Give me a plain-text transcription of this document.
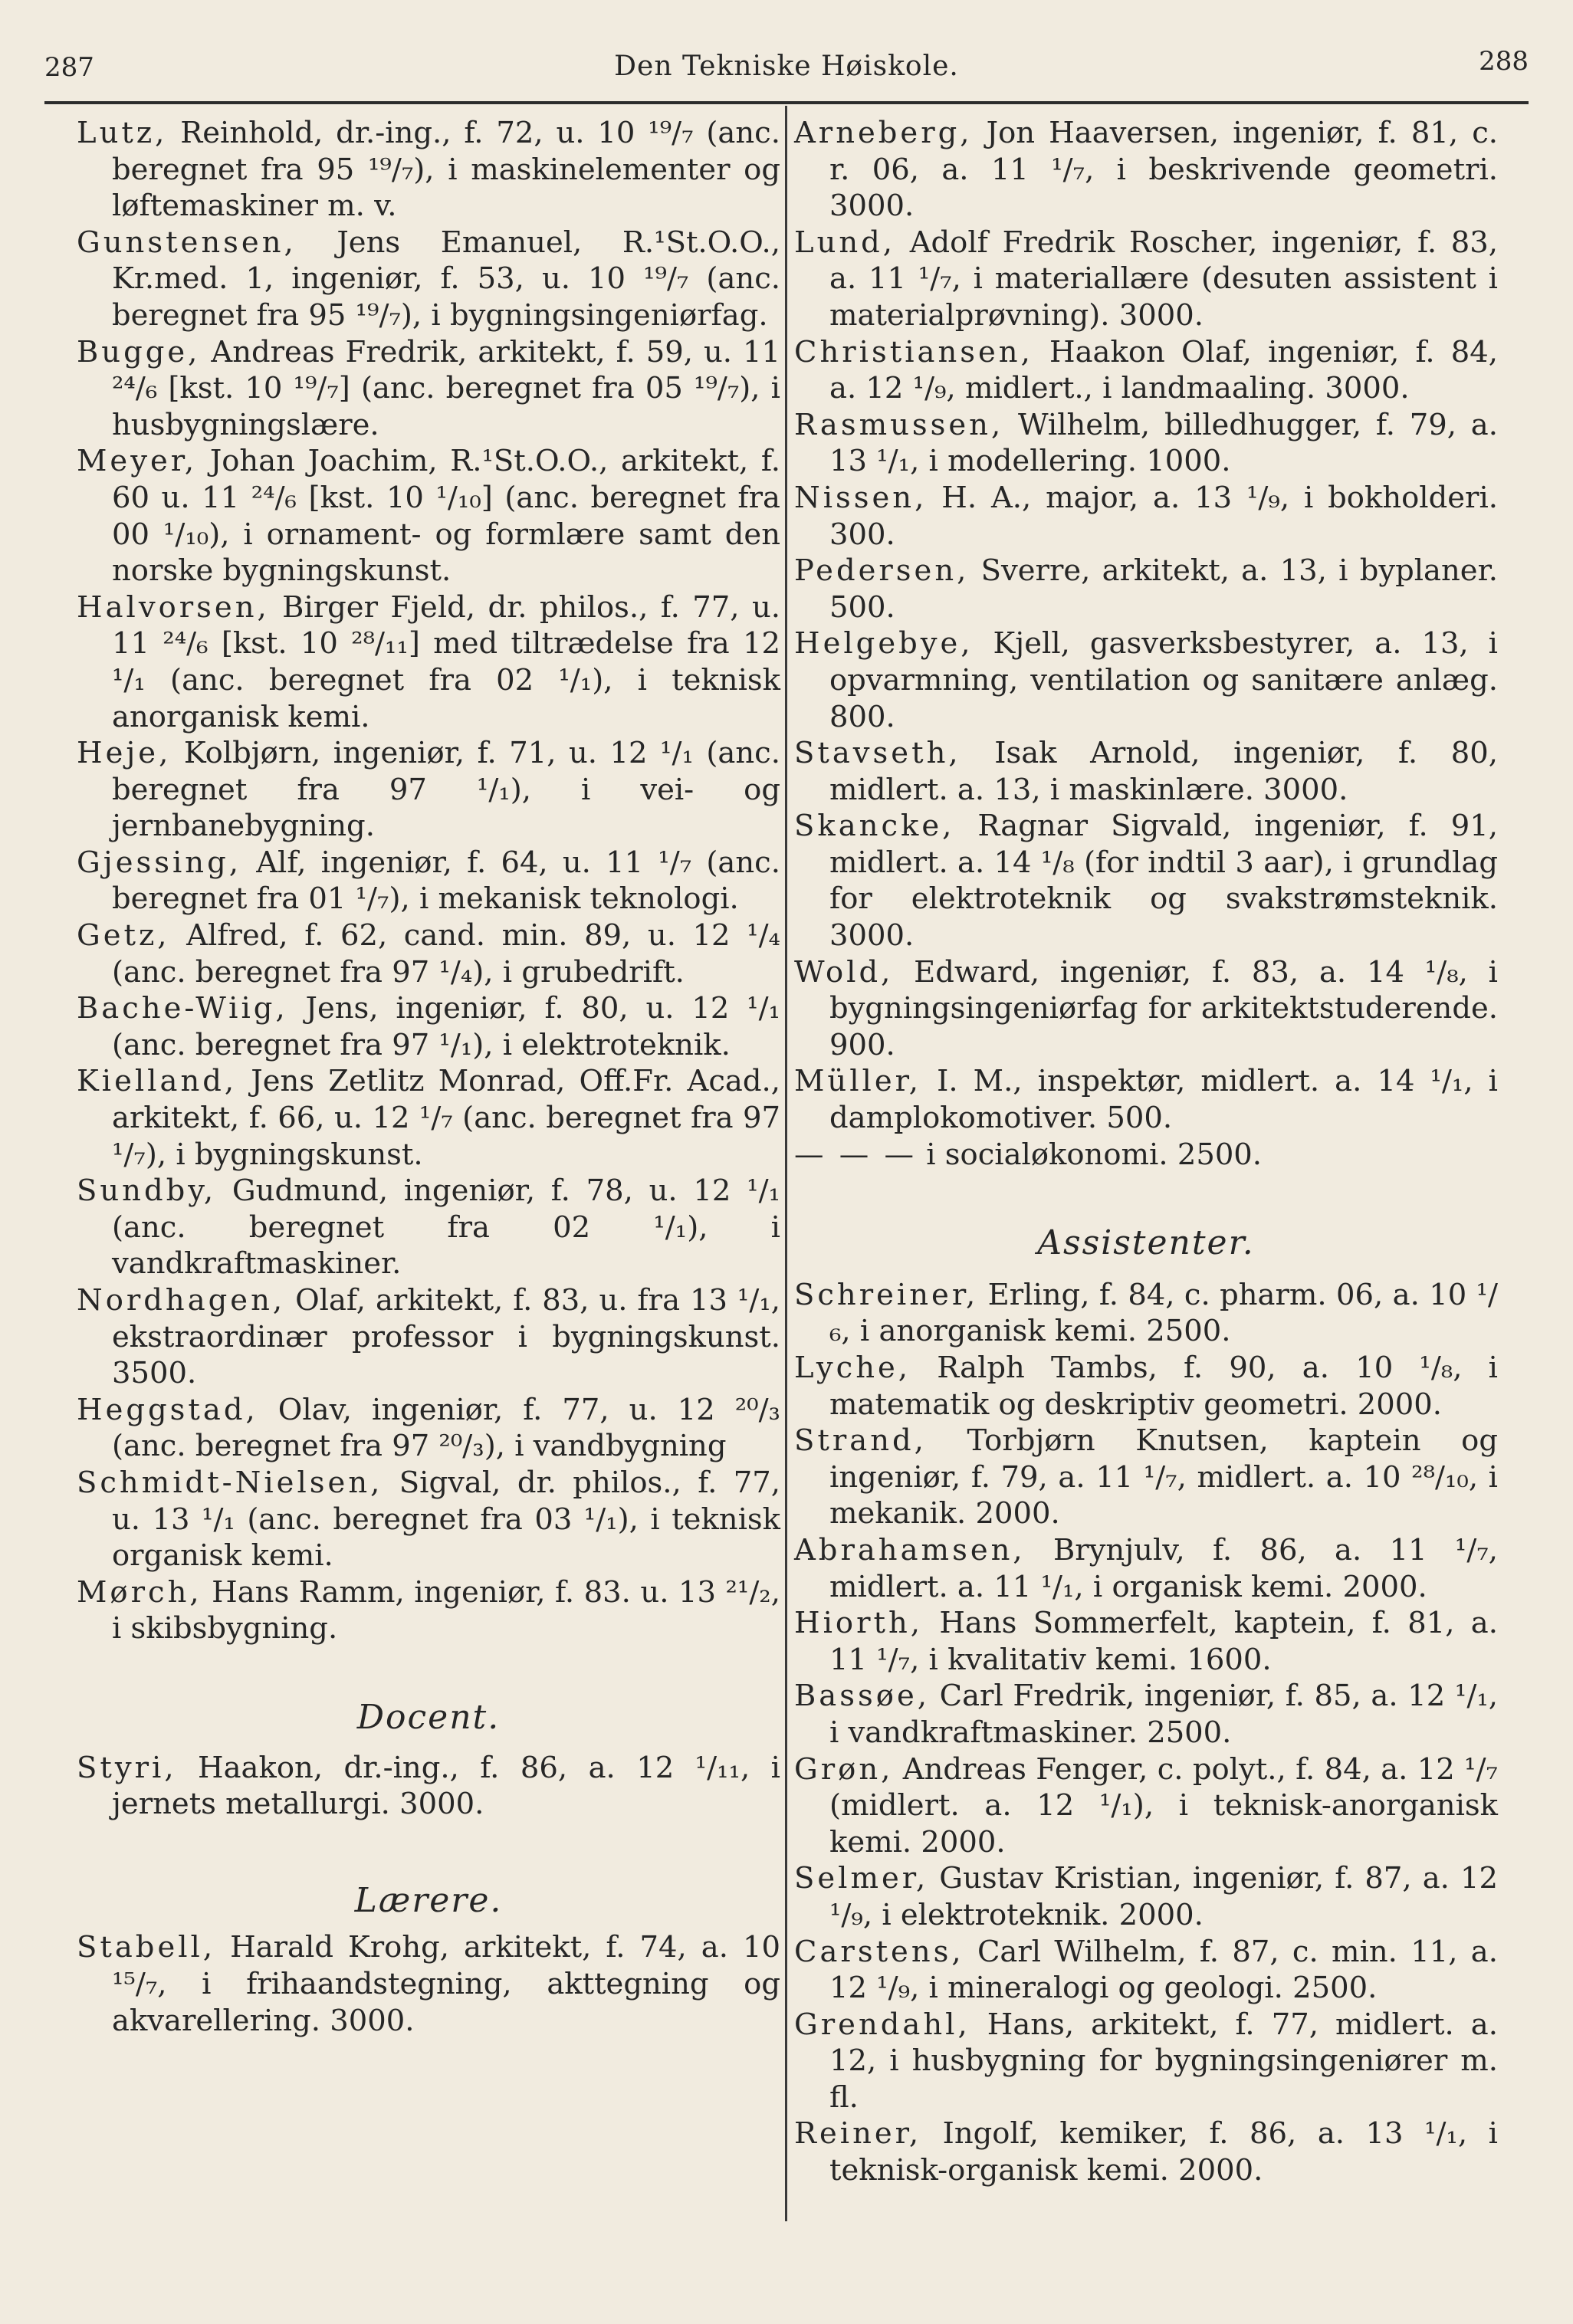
287	Den Tekniske Høiskole.	288

Lutz, Reinhold, dr.-ing., f. 72, u. 10 ¹⁹/₇ (anc. beregnet fra 95 ¹⁹/₇), i maskinelementer og løftemaskiner m. v.

Gunstensen, Jens Emanuel, R.¹St.O.O., Kr.med. 1, ingeniør, f. 53, u. 10 ¹⁹/₇ (anc. beregnet fra 95 ¹⁹/₇), i bygningsingeniørfag.

Bugge, Andreas Fredrik, arkitekt, f. 59, u. 11 ²⁴/₆ [kst. 10 ¹⁹/₇] (anc. beregnet fra 05 ¹⁹/₇), i husbygningslære.

Meyer, Johan Joachim, R.¹St.O.O., arkitekt, f. 60 u. 11 ²⁴/₆ [kst. 10 ¹/₁₀] (anc. beregnet fra 00 ¹/₁₀), i ornament- og formlære samt den norske bygningskunst.

Halvorsen, Birger Fjeld, dr. philos., f. 77, u. 11 ²⁴/₆ [kst. 10 ²⁸/₁₁] med tiltrædelse fra 12 ¹/₁ (anc. beregnet fra 02 ¹/₁), i teknisk anorganisk kemi.

Heje, Kolbjørn, ingeniør, f. 71, u. 12 ¹/₁ (anc. beregnet fra 97 ¹/₁), i vei- og jernbanebygning.

Gjessing, Alf, ingeniør, f. 64, u. 11 ¹/₇ (anc. beregnet fra 01 ¹/₇), i mekanisk teknologi.

Getz, Alfred, f. 62, cand. min. 89, u. 12 ¹/₄ (anc. beregnet fra 97 ¹/₄), i grubedrift.

Bache-Wiig, Jens, ingeniør, f. 80, u. 12 ¹/₁ (anc. beregnet fra 97 ¹/₁), i elektroteknik.

Kielland, Jens Zetlitz Monrad, Off.Fr. Acad., arkitekt, f. 66, u. 12 ¹/₇ (anc. beregnet fra 97 ¹/₇), i bygningskunst.

Sundby, Gudmund, ingeniør, f. 78, u. 12 ¹/₁ (anc. beregnet fra 02 ¹/₁), i vandkraftmaskiner.

Nordhagen, Olaf, arkitekt, f. 83, u. fra 13 ¹/₁, ekstraordinær professor i bygningskunst. 3500.

Heggstad, Olav, ingeniør, f. 77, u. 12 ²⁰/₃ (anc. beregnet fra 97 ²⁰/₃), i vandbygning

Schmidt-Nielsen, Sigval, dr. philos., f. 77, u. 13 ¹/₁ (anc. beregnet fra 03 ¹/₁), i teknisk organisk kemi.

Mørch, Hans Ramm, ingeniør, f. 83. u. 13 ²¹/₂, i skibsbygning.

Docent.

Styri, Haakon, dr.-ing., f. 86, a. 12 ¹/₁₁, i jernets metallurgi. 3000.

Lærere.

Stabell, Harald Krohg, arkitekt, f. 74, a. 10 ¹⁵/₇, i frihaandstegning, akttegning og akvarellering. 3000.

Arneberg, Jon Haaversen, ingeniør, f. 81, c. r. 06, a. 11 ¹/₇, i beskrivende geometri. 3000.

Lund, Adolf Fredrik Roscher, ingeniør, f. 83, a. 11 ¹/₇, i materiallære (desuten assistent i materialprøvning). 3000.

Christiansen, Haakon Olaf, ingeniør, f. 84, a. 12 ¹/₉, midlert., i landmaaling. 3000.

Rasmussen, Wilhelm, billedhugger, f. 79, a. 13 ¹/₁, i modellering. 1000.

Nissen, H. A., major, a. 13 ¹/₉, i bokholderi. 300.

Pedersen, Sverre, arkitekt, a. 13, i byplaner. 500.

Helgebye, Kjell, gasverksbestyrer, a. 13, i opvarmning, ventilation og sanitære anlæg. 800.

Stavseth, Isak Arnold, ingeniør, f. 80, midlert. a. 13, i maskinlære. 3000.

Skancke, Ragnar Sigvald, ingeniør, f. 91, midlert. a. 14 ¹/₈ (for indtil 3 aar), i grundlag for elektroteknik og svakstrømsteknik. 3000.

Wold, Edward, ingeniør, f. 83, a. 14 ¹/₈, i bygningsingeniørfag for arkitektstuderende. 900.

Müller, I. M., inspektør, midlert. a. 14 ¹/₁, i damplokomotiver. 500.

— — — i socialøkonomi. 2500.

Assistenter.

Schreiner, Erling, f. 84, c. pharm. 06, a. 10 ¹/₆, i anorganisk kemi. 2500.

Lyche, Ralph Tambs, f. 90, a. 10 ¹/₈, i matematik og deskriptiv geometri. 2000.

Strand, Torbjørn Knutsen, kaptein og ingeniør, f. 79, a. 11 ¹/₇, midlert. a. 10 ²⁸/₁₀, i mekanik. 2000.

Abrahamsen, Brynjulv, f. 86, a. 11 ¹/₇, midlert. a. 11 ¹/₁, i organisk kemi. 2000.

Hiorth, Hans Sommerfelt, kaptein, f. 81, a. 11 ¹/₇, i kvalitativ kemi. 1600.

Bassøe, Carl Fredrik, ingeniør, f. 85, a. 12 ¹/₁, i vandkraftmaskiner. 2500.

Grøn, Andreas Fenger, c. polyt., f. 84, a. 12 ¹/₇ (midlert. a. 12 ¹/₁), i teknisk-anorganisk kemi. 2000.

Selmer, Gustav Kristian, ingeniør, f. 87, a. 12 ¹/₉, i elektroteknik. 2000.

Carstens, Carl Wilhelm, f. 87, c. min. 11, a. 12 ¹/₉, i mineralogi og geologi. 2500.

Grendahl, Hans, arkitekt, f. 77, midlert. a. 12, i husbygning for bygningsingeniører m. fl.

Reiner, Ingolf, kemiker, f. 86, a. 13 ¹/₁, i teknisk-organisk kemi. 2000.
